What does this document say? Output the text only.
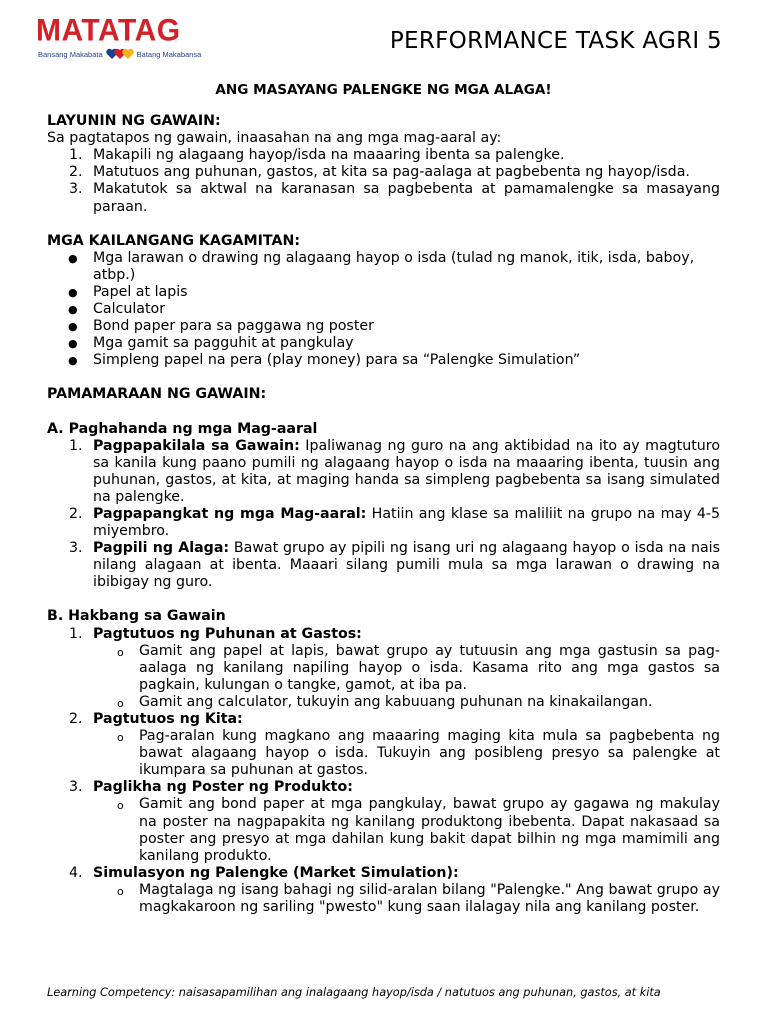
MATATAG
Bansang Makabata	Batang Makabansa	PERFORMANCE TASK AGRI 5

ANG MASAYANG PALENGKE NG MGA ALAGA!

LAYUNIN NG GAWAIN:

Sa pagtatapos ng gawain, inaasahan na ang mga mag-aaral ay:

1. Makapili ng alagaang hayop/isda na maaaring ibenta sa palengke.
2. Matutuos ang puhunan, gastos, at kita sa pag-aalaga at pagbebenta ng hayop/isda.
3. Makatutok sa aktwal na karanasan sa pagbebenta at pamamalengke sa masayang paraan.

MGA KAILANGANG KAGAMITAN:

● Mga larawan o drawing ng alagaang hayop o isda (tulad ng manok, itik, isda, baboy, atbp.)
● Papel at lapis
● Calculator
● Bond paper para sa paggawa ng poster
● Mga gamit sa pagguhit at pangkulay
● Simpleng papel na pera (play money) para sa “Palengke Simulation”

PAMAMARAAN NG GAWAIN:

A. Paghahanda ng mga Mag-aaral

1. Pagpapakilala sa Gawain: Ipaliwanag ng guro na ang aktibidad na ito ay magtuturo sa kanila kung paano pumili ng alagaang hayop o isda na maaaring ibenta, tuusin ang puhunan, gastos, at kita, at maging handa sa simpleng pagbebenta sa isang simulated na palengke.
2. Pagpapangkat ng mga Mag-aaral: Hatiin ang klase sa maliliit na grupo na may 4-5 miyembro.
3. Pagpili ng Alaga: Bawat grupo ay pipili ng isang uri ng alagaang hayop o isda na nais nilang alagaan at ibenta. Maaari silang pumili mula sa mga larawan o drawing na ibibigay ng guro.

B. Hakbang sa Gawain

1. Pagtutuos ng Puhunan at Gastos:
o	Gamit ang papel at lapis, bawat grupo ay tutuusin ang mga gastusin sa pag-aalaga ng kanilang napiling hayop o isda. Kasama rito ang mga gastos sa pagkain, kulungan o tangke, gamot, at iba pa.
o	Gamit ang calculator, tukuyin ang kabuuang puhunan na kinakailangan.
2. Pagtutuos ng Kita:
o	Pag-aralan kung magkano ang maaaring maging kita mula sa pagbebenta ng bawat alagaang hayop o isda. Tukuyin ang posibleng presyo sa palengke at ikumpara sa puhunan at gastos.
3. Paglikha ng Poster ng Produkto:
o	Gamit ang bond paper at mga pangkulay, bawat grupo ay gagawa ng makulay na poster na nagpapakita ng kanilang produktong ibebenta. Dapat nakasaad sa poster ang presyo at mga dahilan kung bakit dapat bilhin ng mga mamimili ang kanilang produkto.
4. Simulasyon ng Palengke (Market Simulation):
o	Magtalaga ng isang bahagi ng silid-aralan bilang "Palengke." Ang bawat grupo ay magkakaroon ng sariling "pwesto" kung saan ilalagay nila ang kanilang poster.
Learning Competency: naisasapamilihan ang inalagaang hayop/isda / natutuos ang puhunan, gastos, at kita
